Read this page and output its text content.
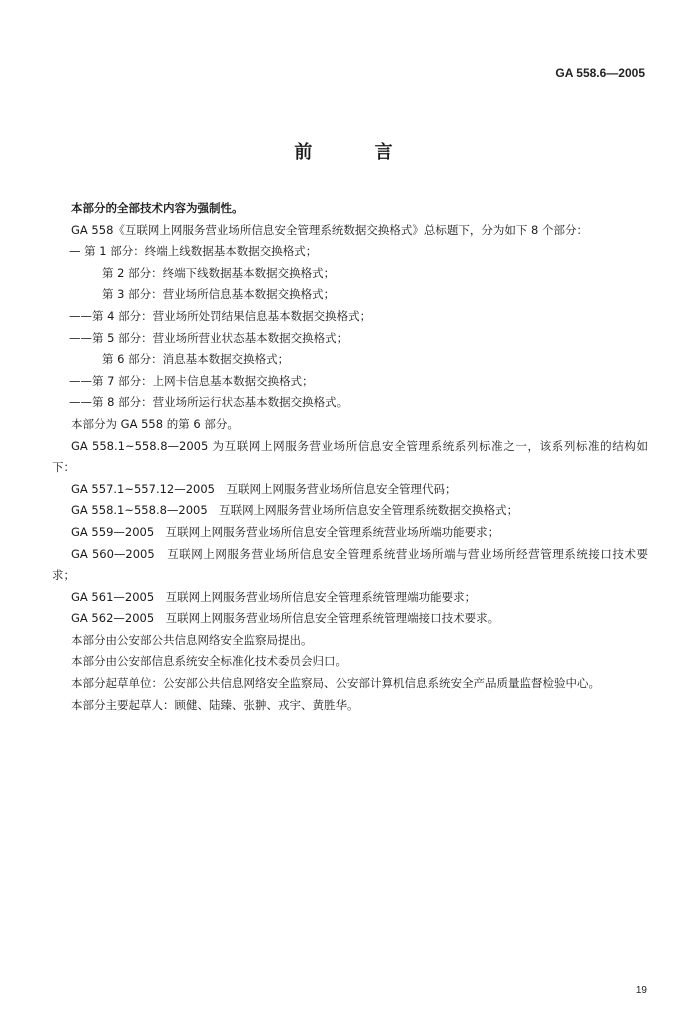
GA 558.6—2005
前 言

本部分的全部技术内容为强制性。

GA 558《互联网上网服务营业场所信息安全管理系统数据交换格式》总标题下，分为如下 8 个部分：

— 第 1 部分：终端上线数据基本数据交换格式；

第 2 部分：终端下线数据基本数据交换格式；

第 3 部分：营业场所信息基本数据交换格式；

——第 4 部分：营业场所处罚结果信息基本数据交换格式；

——第 5 部分：营业场所营业状态基本数据交换格式；

第 6 部分：消息基本数据交换格式；

——第 7 部分：上网卡信息基本数据交换格式；

——第 8 部分：营业场所运行状态基本数据交换格式。

本部分为 GA 558 的第 6 部分。

GA 558.1~558.8—2005 为互联网上网服务营业场所信息安全管理系统系列标准之一，该系列标准的结构如下：

GA 557.1~557.12—2005　互联网上网服务营业场所信息安全管理代码；

GA 558.1~558.8—2005　互联网上网服务营业场所信息安全管理系统数据交换格式；

GA 559—2005　互联网上网服务营业场所信息安全管理系统营业场所端功能要求；

GA 560—2005　互联网上网服务营业场所信息安全管理系统营业场所端与营业场所经营管理系统接口技术要求；

GA 561—2005　互联网上网服务营业场所信息安全管理系统管理端功能要求；

GA 562—2005　互联网上网服务营业场所信息安全管理系统管理端接口技术要求。

本部分由公安部公共信息网络安全监察局提出。

本部分由公安部信息系统安全标准化技术委员会归口。

本部分起草单位：公安部公共信息网络安全监察局、公安部计算机信息系统安全产品质量监督检验中心。

本部分主要起草人：顾健、陆臻、张翀、戎宇、黄胜华。

19
